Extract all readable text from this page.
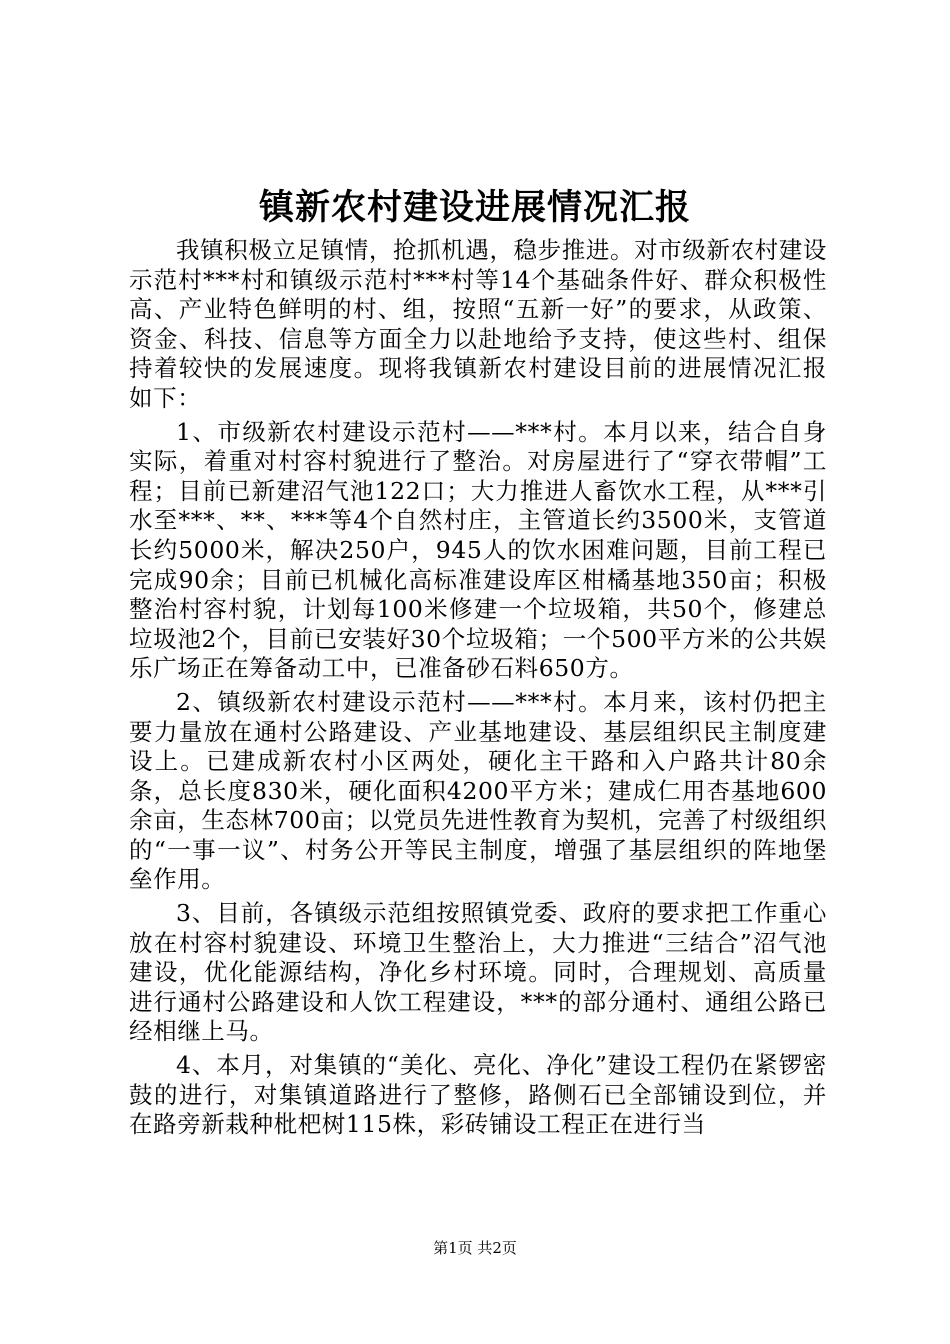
镇新农村建设进展情况汇报

我镇积极立足镇情，抢抓机遇，稳步推进。对市级新农村建设示范村***村和镇级示范村***村等14个基础条件好、群众积极性高、产业特色鲜明的村、组，按照“五新一好”的要求，从政策、资金、科技、信息等方面全力以赴地给予支持，使这些村、组保持着较快的发展速度。现将我镇新农村建设目前的进展情况汇报如下：

1、市级新农村建设示范村——***村。本月以来，结合自身实际，着重对村容村貌进行了整治。对房屋进行了“穿衣带帽”工程；目前已新建沼气池122口；大力推进人畜饮水工程，从***引水至***、**、***等4个自然村庄，主管道长约3500米，支管道长约5000米，解决250户，945人的饮水困难问题，目前工程已完成90余；目前已机械化高标准建设库区柑橘基地350亩；积极整治村容村貌，计划每100米修建一个垃圾箱，共50个，修建总垃圾池2个，目前已安装好30个垃圾箱；一个500平方米的公共娱乐广场正在筹备动工中，已准备砂石料650方。

2、镇级新农村建设示范村——***村。本月来，该村仍把主要力量放在通村公路建设、产业基地建设、基层组织民主制度建设上。已建成新农村小区两处，硬化主干路和入户路共计80余条，总长度830米，硬化面积4200平方米；建成仁用杏基地600余亩，生态林700亩；以党员先进性教育为契机，完善了村级组织的“一事一议”、村务公开等民主制度，增强了基层组织的阵地堡垒作用。

3、目前，各镇级示范组按照镇党委、政府的要求把工作重心放在村容村貌建设、环境卫生整治上，大力推进“三结合”沼气池建设，优化能源结构，净化乡村环境。同时，合理规划、高质量进行通村公路建设和人饮工程建设，***的部分通村、通组公路已经相继上马。

4、本月，对集镇的“美化、亮化、净化”建设工程仍在紧锣密鼓的进行，对集镇道路进行了整修，路侧石已全部铺设到位，并在路旁新栽种枇杷树115株，彩砖铺设工程正在进行当

第1页 共2页
